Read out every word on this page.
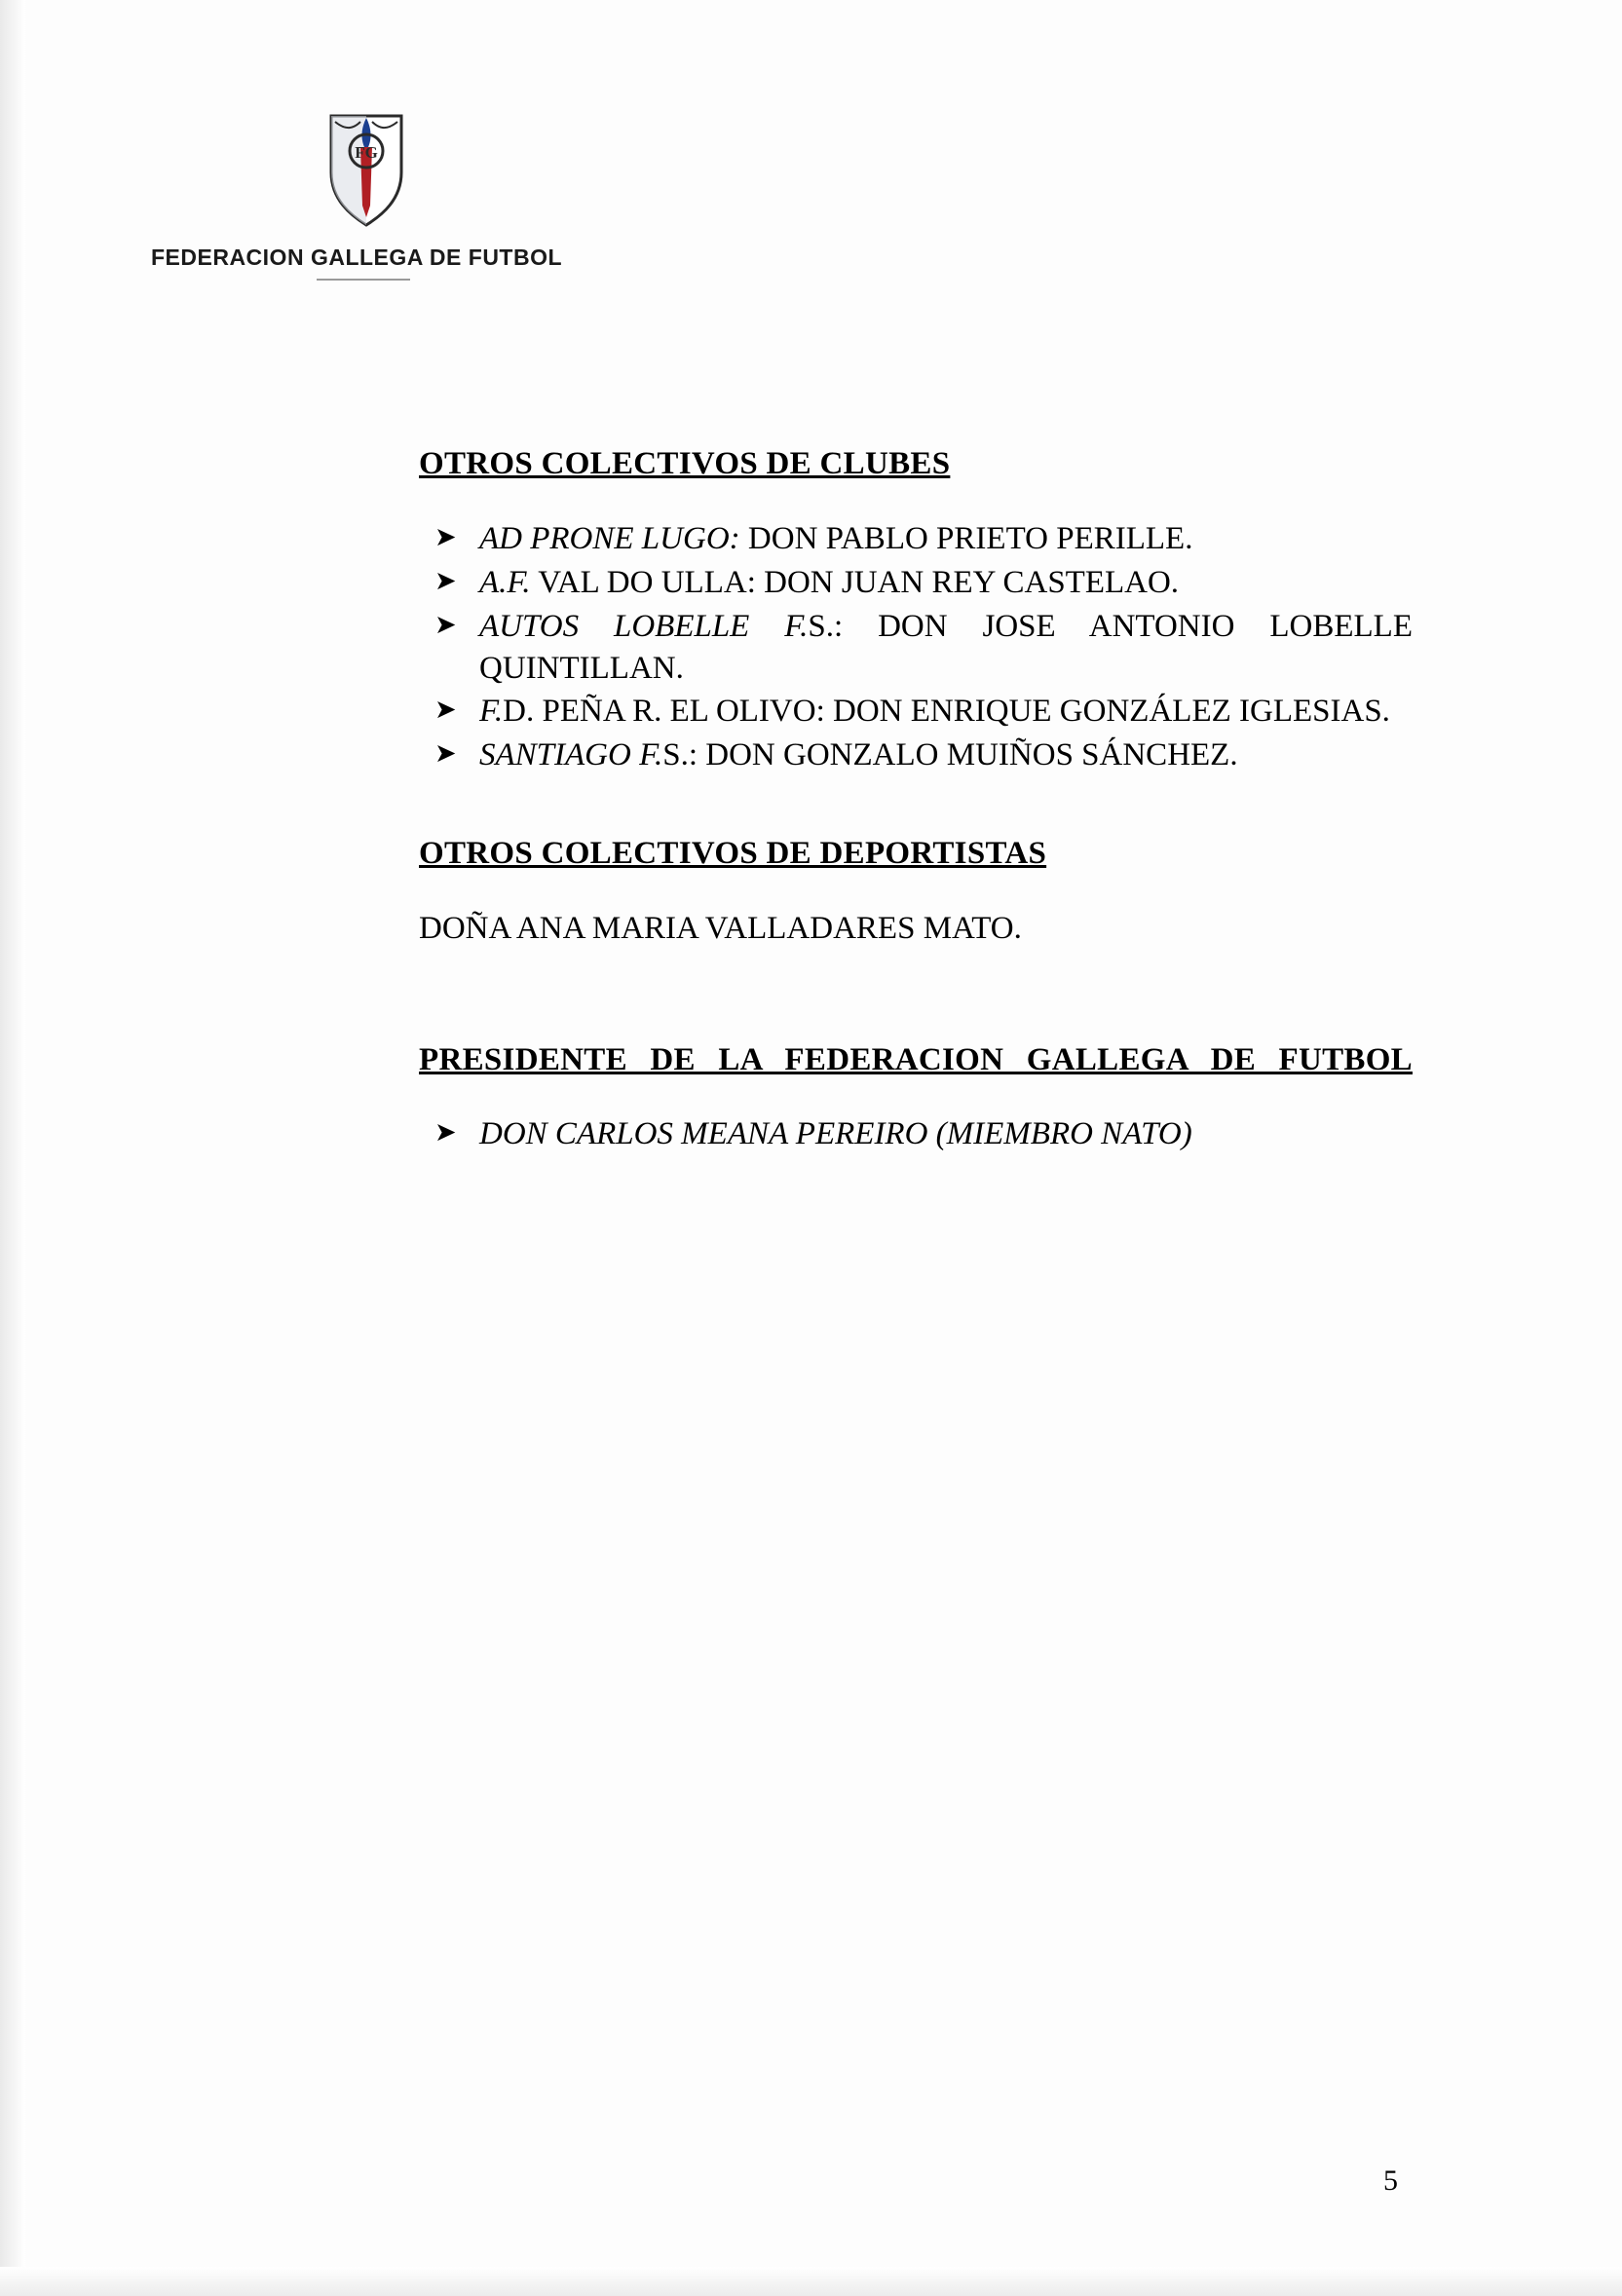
FG
FEDERACION GALLEGA DE FUTBOL
OTROS COLECTIVOS DE CLUBES
➤ AD PRONE LUGO: DON PABLO PRIETO PERILLE.
➤ A.F. VAL DO ULLA: DON JUAN REY CASTELAO.
➤ AUTOS LOBELLE F.S.: DON JOSE ANTONIO LOBELLE QUINTILLAN.
➤ F.D. PEÑA R. EL OLIVO: DON ENRIQUE GONZÁLEZ IGLESIAS.
➤ SANTIAGO F.S.: DON GONZALO MUIÑOS SÁNCHEZ.
OTROS COLECTIVOS DE DEPORTISTAS

DOÑA ANA MARIA VALLADARES MATO.

PRESIDENTE DE LA FEDERACION GALLEGA DE FUTBOL
➤ DON CARLOS MEANA PEREIRO (MIEMBRO NATO)
5
